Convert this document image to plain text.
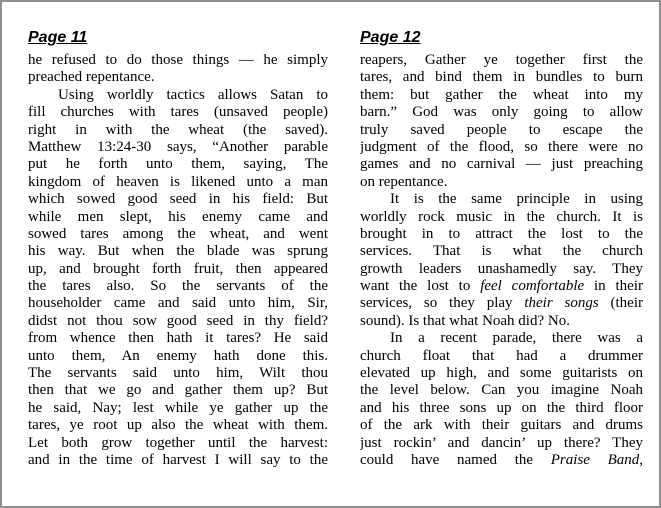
Page 11
he refused to do those things — he simply
preached repentance.
Using worldly tactics allows Satan to
fill churches with tares (unsaved people)
right in with the wheat (the saved).
Matthew 13:24-30 says, “Another parable
put he forth unto them, saying, The
kingdom of heaven is likened unto a man
which sowed good seed in his field: But
while men slept, his enemy came and
sowed tares among the wheat, and went
his way. But when the blade was sprung
up, and brought forth fruit, then appeared
the tares also. So the servants of the
householder came and said unto him, Sir,
didst not thou sow good seed in thy field?
from whence then hath it tares? He said
unto them, An enemy hath done this.
The servants said unto him, Wilt thou
then that we go and gather them up? But
he said, Nay; lest while ye gather up the
tares, ye root up also the wheat with them.
Let both grow together until the harvest:
and in the time of harvest I will say to the
Page 12
reapers, Gather ye together first the
tares, and bind them in bundles to burn
them: but gather the wheat into my
barn.” God was only going to allow
truly saved people to escape the
judgment of the flood, so there were no
games and no carnival — just preaching
on repentance.
It is the same principle in using
worldly rock music in the church. It is
brought in to attract the lost to the
services. That is what the church
growth leaders unashamedly say. They
want the lost to feel comfortable in their
services, so they play their songs (their
sound). Is that what Noah did? No.
In a recent parade, there was a
church float that had a drummer
elevated up high, and some guitarists on
the level below. Can you imagine Noah
and his three sons up on the third floor
of the ark with their guitars and drums
just rockin’ and dancin’ up there? They
could have named the Praise Band,
